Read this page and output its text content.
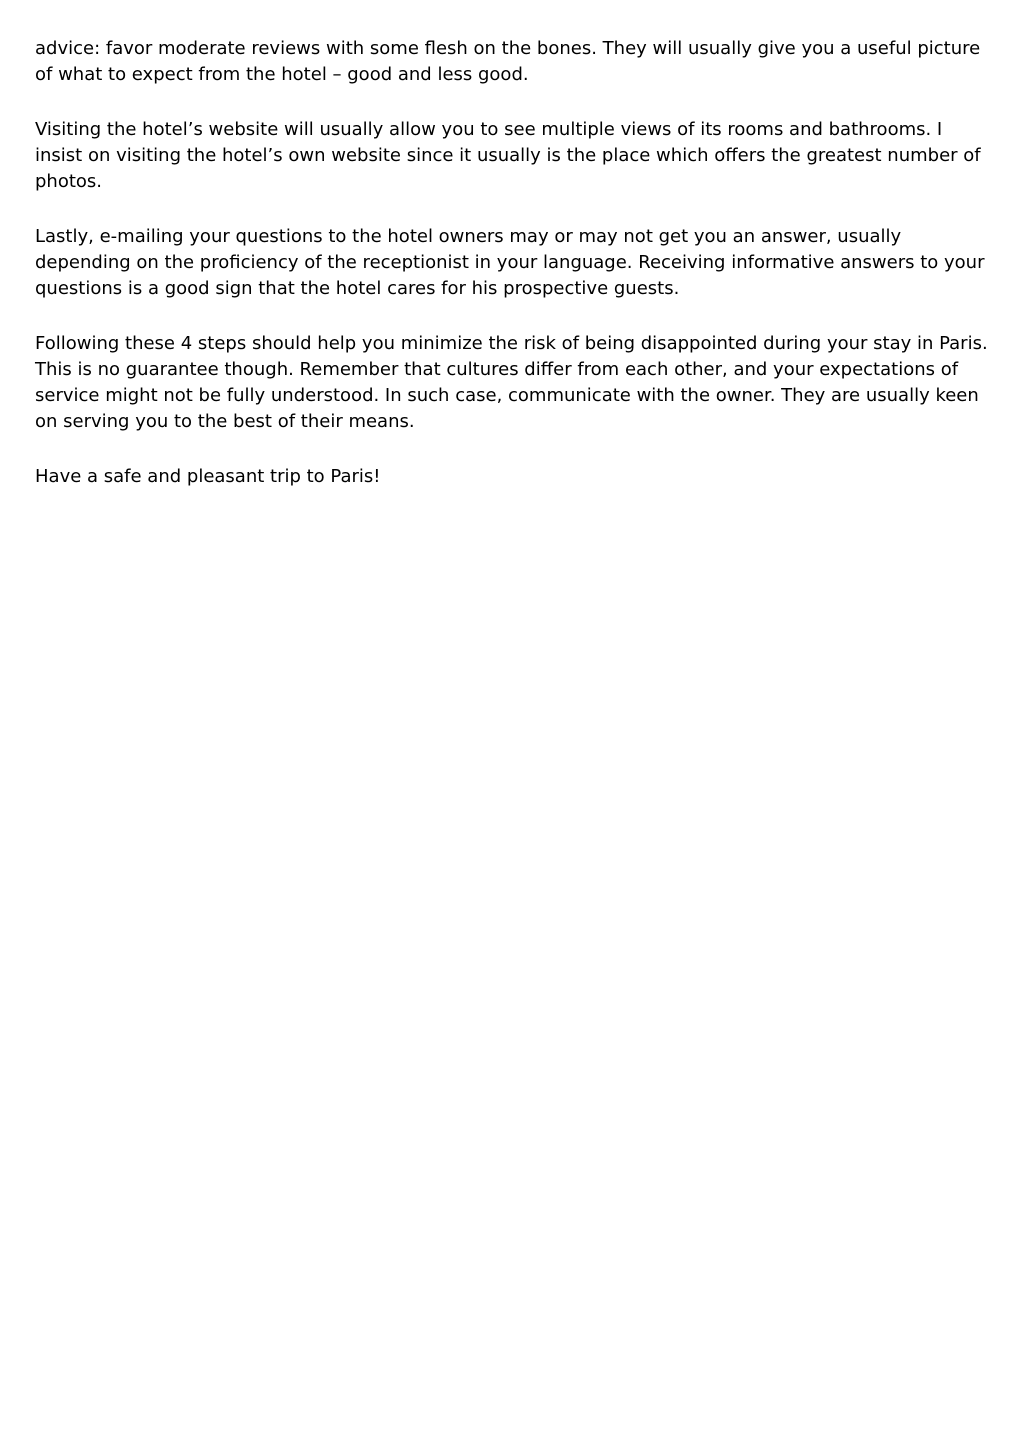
advice: favor moderate reviews with some flesh on the bones. They will usually give you a useful picture of what to expect from the hotel – good and less good.

Visiting the hotel’s website will usually allow you to see multiple views of its rooms and bathrooms. I insist on visiting the hotel’s own website since it usually is the place which offers the greatest number of photos.

Lastly, e-mailing your questions to the hotel owners may or may not get you an answer, usually depending on the proficiency of the receptionist in your language. Receiving informative answers to your questions is a good sign that the hotel cares for his prospective guests.

Following these 4 steps should help you minimize the risk of being disappointed during your stay in Paris. This is no guarantee though. Remember that cultures differ from each other, and your expectations of service might not be fully understood. In such case, communicate with the owner. They are usually keen on serving you to the best of their means.

Have a safe and pleasant trip to Paris!
